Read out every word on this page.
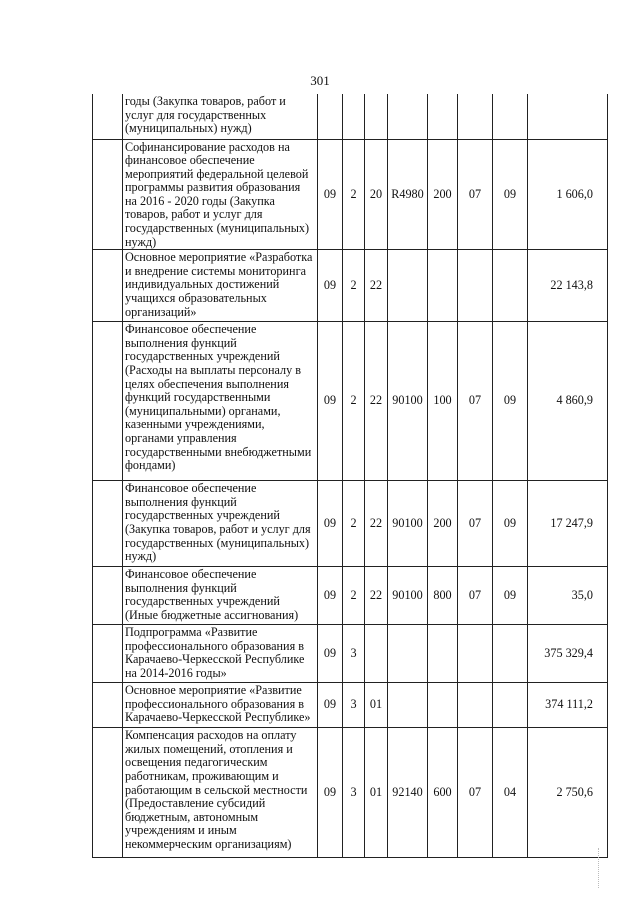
301
	годы (Закупка товаров, работ и услуг для государственных (муниципальных) нужд)								
	Софинансирование расходов на финансовое обеспечение мероприятий федеральной целевой программы развития образования на 2016 - 2020 годы (Закупка товаров, работ и услуг для государственных (муниципальных) нужд)	09	2	20	R4980	200	07	09	1 606,0
	Основное мероприятие «Разработка и внедрение системы мониторинга индивидуальных достижений учащихся образовательных организаций»	09	2	22					22 143,8
	Финансовое обеспечение выполнения функций государственных учреждений (Расходы на выплаты персоналу в целях обеспечения выполнения функций государственными (муниципальными) органами, казенными учреждениями, органами управления государственными внебюджетными фондами)	09	2	22	90100	100	07	09	4 860,9
	Финансовое обеспечение выполнения функций государственных учреждений (Закупка товаров, работ и услуг для государственных (муниципальных) нужд)	09	2	22	90100	200	07	09	17 247,9
	Финансовое обеспечение выполнения функций государственных учреждений (Иные бюджетные ассигнования)	09	2	22	90100	800	07	09	35,0
	Подпрограмма «Развитие профессионального образования в Карачаево-Черкесской Республике на 2014-2016 годы»	09	3						375 329,4
	Основное мероприятие «Развитие профессионального образования в Карачаево-Черкесской Республике»	09	3	01					374 111,2
	Компенсация расходов на оплату жилых помещений, отопления и освещения педагогическим работникам, проживающим и работающим в сельской местности (Предоставление субсидий бюджетным, автономным учреждениям и иным некоммерческим организациям)	09	3	01	92140	600	07	04	2 750,6
